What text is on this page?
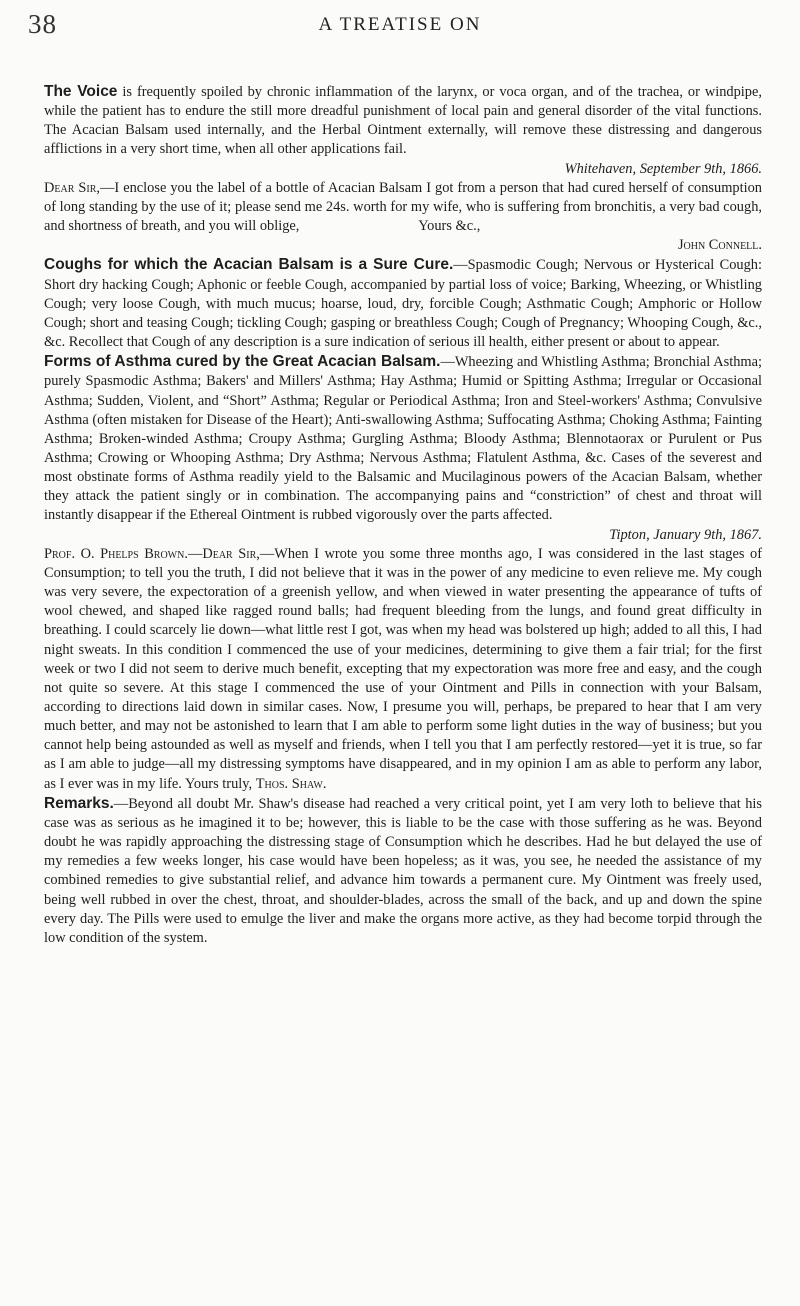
38	A TREATISE ON

The Voice is frequently spoiled by chronic inflammation of the larynx, or voca organ, and of the trachea, or windpipe, while the patient has to endure the still more dreadful punishment of local pain and general disorder of the vital functions. The Acacian Balsam used internally, and the Herbal Ointment externally, will remove these distressing and dangerous afflictions in a very short time, when all other applications fail.

Whitehaven, September 9th, 1866.

Dear Sir,—I enclose you the label of a bottle of Acacian Balsam I got from a person that had cured herself of consumption of long standing by the use of it; please send me 24s. worth for my wife, who is suffering from bronchitis, a very bad cough, and shortness of breath, and you will oblige,	Yours &c.,

John Connell.

Coughs for which the Acacian Balsam is a Sure Cure.—Spasmodic Cough; Nervous or Hysterical Cough: Short dry hacking Cough; Aphonic or feeble Cough, accompanied by partial loss of voice; Barking, Wheezing, or Whistling Cough; very loose Cough, with much mucus; hoarse, loud, dry, forcible Cough; Asthmatic Cough; Amphoric or Hollow Cough; short and teasing Cough; tickling Cough; gasping or breathless Cough; Cough of Pregnancy; Whooping Cough, &c., &c. Recollect that Cough of any description is a sure indication of serious ill health, either present or about to appear.

Forms of Asthma cured by the Great Acacian Balsam.—Wheezing and Whistling Asthma; Bronchial Asthma; purely Spasmodic Asthma; Bakers' and Millers' Asthma; Hay Asthma; Humid or Spitting Asthma; Irregular or Occasional Asthma; Sudden, Violent, and “Short” Asthma; Regular or Periodical Asthma; Iron and Steel-workers' Asthma; Convulsive Asthma (often mistaken for Disease of the Heart); Anti-swallowing Asthma; Suffocating Asthma; Choking Asthma; Fainting Asthma; Broken-winded Asthma; Croupy Asthma; Gurgling Asthma; Bloody Asthma; Blennotaorax or Purulent or Pus Asthma; Crowing or Whooping Asthma; Dry Asthma; Nervous Asthma; Flatulent Asthma, &c. Cases of the severest and most obstinate forms of Asthma readily yield to the Balsamic and Mucilaginous powers of the Acacian Balsam, whether they attack the patient singly or in combination. The accompanying pains and “constriction” of chest and throat will instantly disappear if the Ethereal Ointment is rubbed vigorously over the parts affected.

Tipton, January 9th, 1867.

Prof. O. Phelps Brown.—Dear Sir,—When I wrote you some three months ago, I was considered in the last stages of Consumption; to tell you the truth, I did not believe that it was in the power of any medicine to even relieve me. My cough was very severe, the expectoration of a greenish yellow, and when viewed in water presenting the appearance of tufts of wool chewed, and shaped like ragged round balls; had frequent bleeding from the lungs, and found great difficulty in breathing. I could scarcely lie down—what little rest I got, was when my head was bolstered up high; added to all this, I had night sweats. In this condition I commenced the use of your medicines, determining to give them a fair trial; for the first week or two I did not seem to derive much benefit, excepting that my expectoration was more free and easy, and the cough not quite so severe. At this stage I commenced the use of your Ointment and Pills in connection with your Balsam, according to directions laid down in similar cases. Now, I presume you will, perhaps, be prepared to hear that I am very much better, and may not be astonished to learn that I am able to perform some light duties in the way of business; but you cannot help being astounded as well as myself and friends, when I tell you that I am perfectly restored—yet it is true, so far as I am able to judge—all my distressing symptoms have disappeared, and in my opinion I am as able to perform any labor, as I ever was in my life. Yours truly, Thos. Shaw.

Remarks.—Beyond all doubt Mr. Shaw's disease had reached a very critical point, yet I am very loth to believe that his case was as serious as he imagined it to be; however, this is liable to be the case with those suffering as he was. Beyond doubt he was rapidly approaching the distressing stage of Consumption which he describes. Had he but delayed the use of my remedies a few weeks longer, his case would have been hopeless; as it was, you see, he needed the assistance of my combined remedies to give substantial relief, and advance him towards a permanent cure. My Ointment was freely used, being well rubbed in over the chest, throat, and shoulder-blades, across the small of the back, and up and down the spine every day. The Pills were used to emulge the liver and make the organs more active, as they had become torpid through the low condition of the system.
